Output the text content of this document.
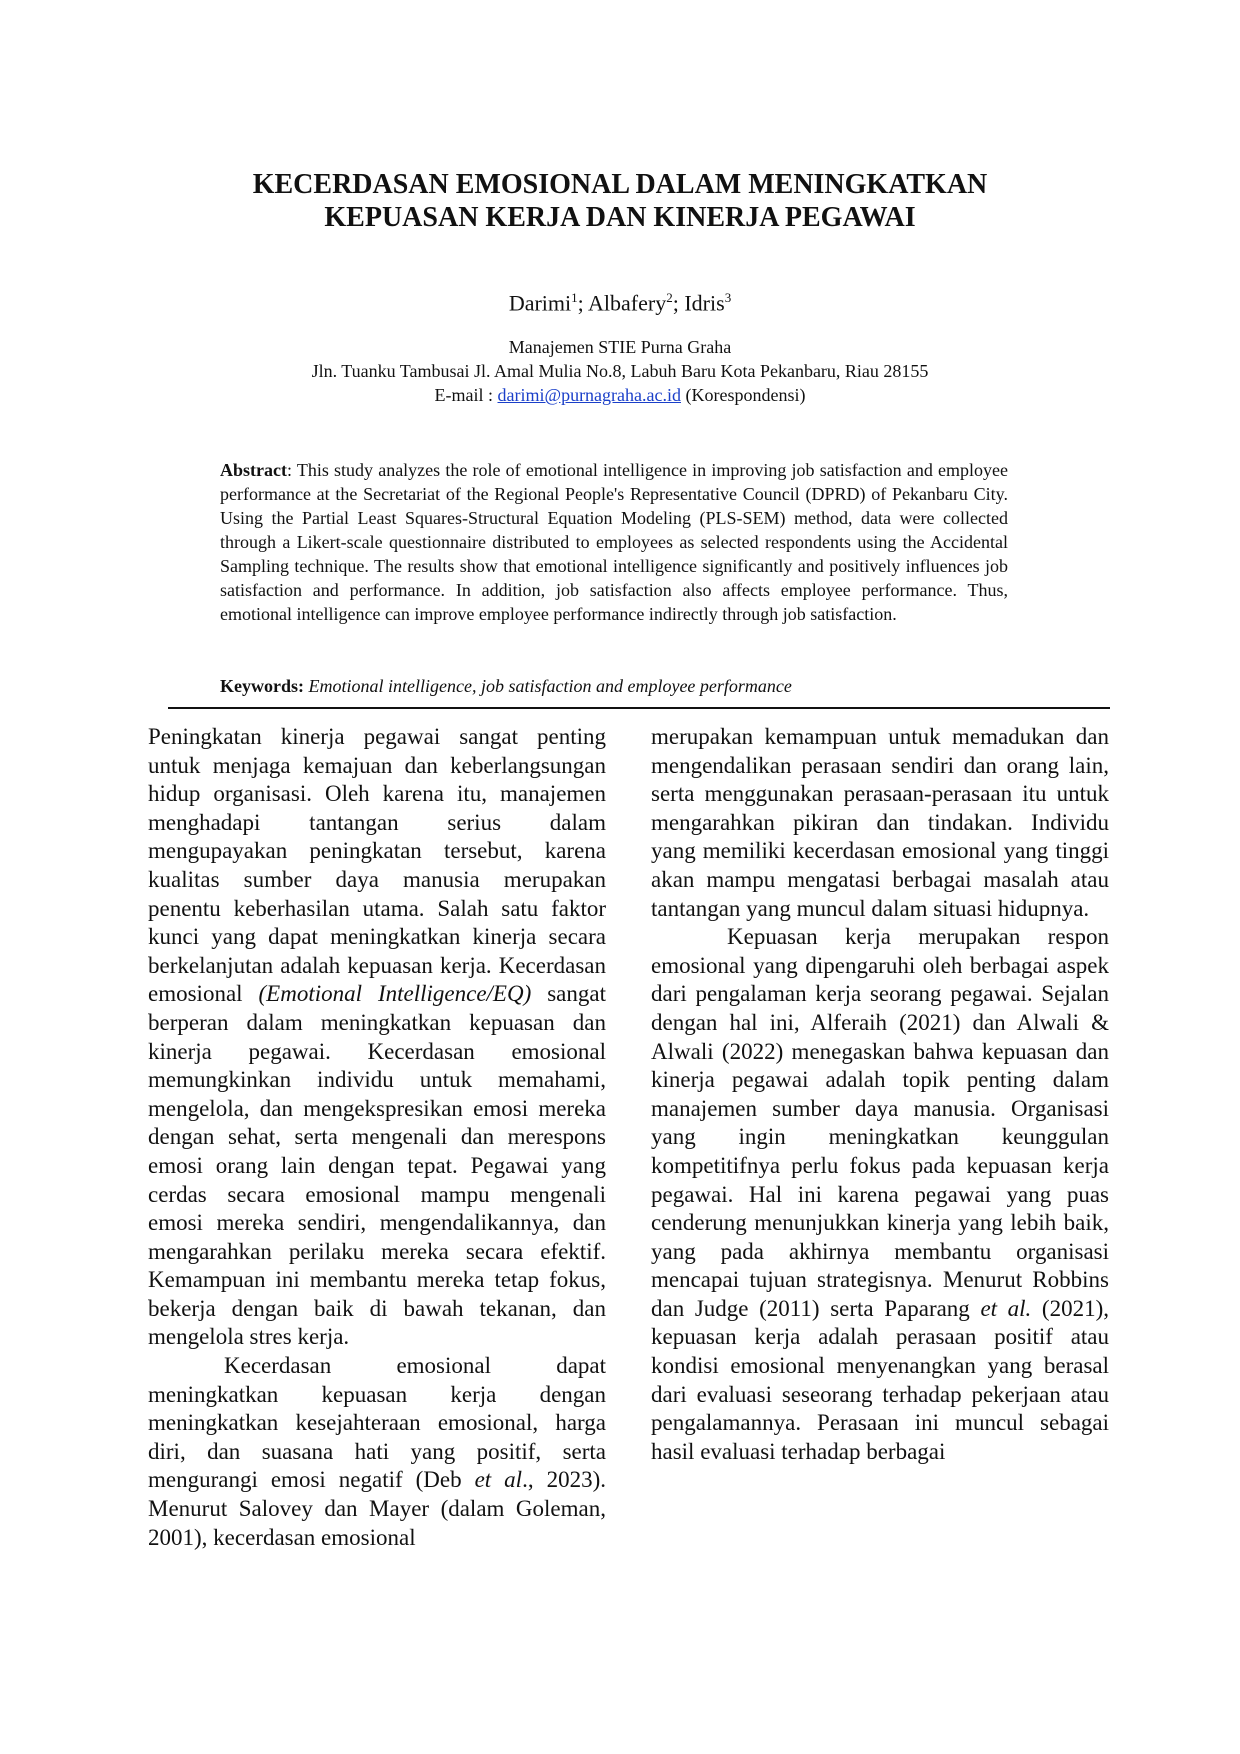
KECERDASAN EMOSIONAL DALAM MENINGKATKAN
KEPUASAN KERJA DAN KINERJA PEGAWAI
Darimi$^1$; Albafery$^2$; Idris$^3$
Manajemen STIE Purna Graha
Jln. Tuanku Tambusai Jl. Amal Mulia No.8, Labuh Baru Kota Pekanbaru, Riau 28155
E-mail : darimi@purnagraha.ac.id (Korespondensi)

Abstract: This study analyzes the role of emotional intelligence in improving job satisfaction and employee performance at the Secretariat of the Regional People's Representative Council (DPRD) of Pekanbaru City. Using the Partial Least Squares-Structural Equation Modeling (PLS-SEM) method, data were collected through a Likert-scale questionnaire distributed to employees as selected respondents using the Accidental Sampling technique. The results show that emotional intelligence significantly and positively influences job satisfaction and performance. In addition, job satisfaction also affects employee performance. Thus, emotional intelligence can improve employee performance indirectly through job satisfaction.

Keywords: Emotional intelligence, job satisfaction and employee performance

Peningkatan kinerja pegawai sangat penting untuk menjaga kemajuan dan keberlangsungan hidup organisasi. Oleh karena itu, manajemen menghadapi tantangan serius dalam mengupayakan peningkatan tersebut, karena kualitas sumber daya manusia merupakan penentu keberhasilan utama. Salah satu faktor kunci yang dapat meningkatkan kinerja secara berkelanjutan adalah kepuasan kerja. Kecerdasan emosional (Emotional Intelligence/EQ) sangat berperan dalam meningkatkan kepuasan dan kinerja pegawai. Kecerdasan emosional memungkinkan individu untuk memahami, mengelola, dan mengekspresikan emosi mereka dengan sehat, serta mengenali dan merespons emosi orang lain dengan tepat. Pegawai yang cerdas secara emosional mampu mengenali emosi mereka sendiri, mengendalikannya, dan mengarahkan perilaku mereka secara efektif. Kemampuan ini membantu mereka tetap fokus, bekerja dengan baik di bawah tekanan, dan mengelola stres kerja.

Kecerdasan emosional dapat meningkatkan kepuasan kerja dengan meningkatkan kesejahteraan emosional, harga diri, dan suasana hati yang positif, serta mengurangi emosi negatif (Deb et al., 2023). Menurut Salovey dan Mayer (dalam Goleman, 2001), kecerdasan emosional

merupakan kemampuan untuk memadukan dan mengendalikan perasaan sendiri dan orang lain, serta menggunakan perasaan-perasaan itu untuk mengarahkan pikiran dan tindakan. Individu yang memiliki kecerdasan emosional yang tinggi akan mampu mengatasi berbagai masalah atau tantangan yang muncul dalam situasi hidupnya.

Kepuasan kerja merupakan respon emosional yang dipengaruhi oleh berbagai aspek dari pengalaman kerja seorang pegawai. Sejalan dengan hal ini, Alferaih (2021) dan Alwali & Alwali (2022) menegaskan bahwa kepuasan dan kinerja pegawai adalah topik penting dalam manajemen sumber daya manusia. Organisasi yang ingin meningkatkan keunggulan kompetitifnya perlu fokus pada kepuasan kerja pegawai. Hal ini karena pegawai yang puas cenderung menunjukkan kinerja yang lebih baik, yang pada akhirnya membantu organisasi mencapai tujuan strategisnya. Menurut Robbins dan Judge (2011) serta Paparang et al. (2021), kepuasan kerja adalah perasaan positif atau kondisi emosional menyenangkan yang berasal dari evaluasi seseorang terhadap pekerjaan atau pengalamannya. Perasaan ini muncul sebagai hasil evaluasi terhadap berbagai
